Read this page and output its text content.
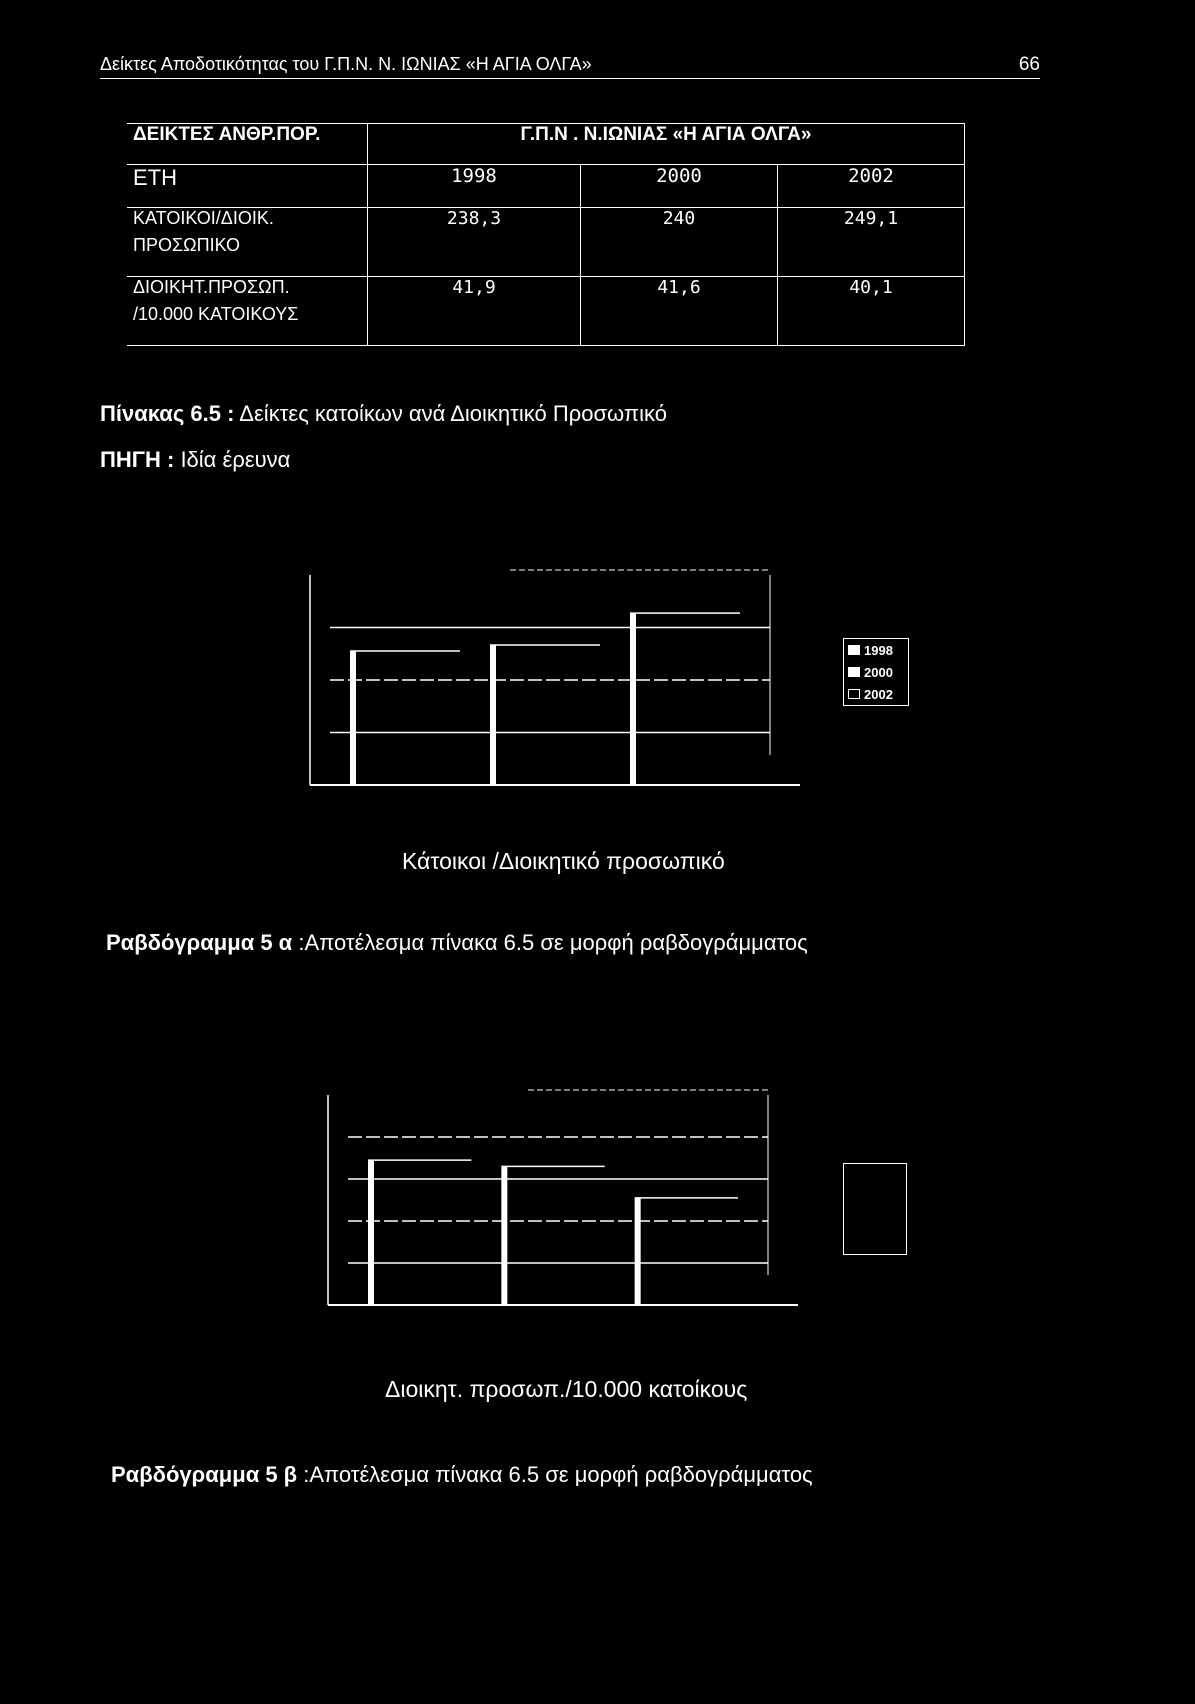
Δείκτες Αποδοτικότητας του Γ.Π.Ν. Ν. ΙΩΝΙΑΣ «Η ΑΓΙΑ ΟΛΓΑ»	66
ΔΕΙΚΤΕΣ ΑΝΘΡ.ΠΟΡ.	Γ.Π.Ν . Ν.ΙΩΝΙΑΣ «Η ΑΓΙΑ ΟΛΓΑ»		
ΕΤΗ	1998	2000	2002

ΚΑΤΟΙΚΟΙ/ΔΙΟΙΚ.
ΠΡΟΣΩΠΙΚΟ	238,3	240	249,1

ΔΙΟΙΚΗΤ.ΠΡΟΣΩΠ.
/10.000 ΚΑΤΟΙΚΟΥΣ	41,9	41,6	40,1
Πίνακας 6.5 : Δείκτες κατοίκων ανά Διοικητικό Προσωπικό
ΠΗΓΗ : Ιδία έρευνα
1998
2000
2002
Κάτοικοι /Διοικητικό προσωπικό
Ραβδόγραμμα 5 α :Αποτέλεσμα πίνακα 6.5 σε μορφή ραβδογράμματος
Διοικητ. προσωπ./10.000 κατοίκους
Ραβδόγραμμα 5 β :Αποτέλεσμα πίνακα 6.5 σε μορφή ραβδογράμματος
